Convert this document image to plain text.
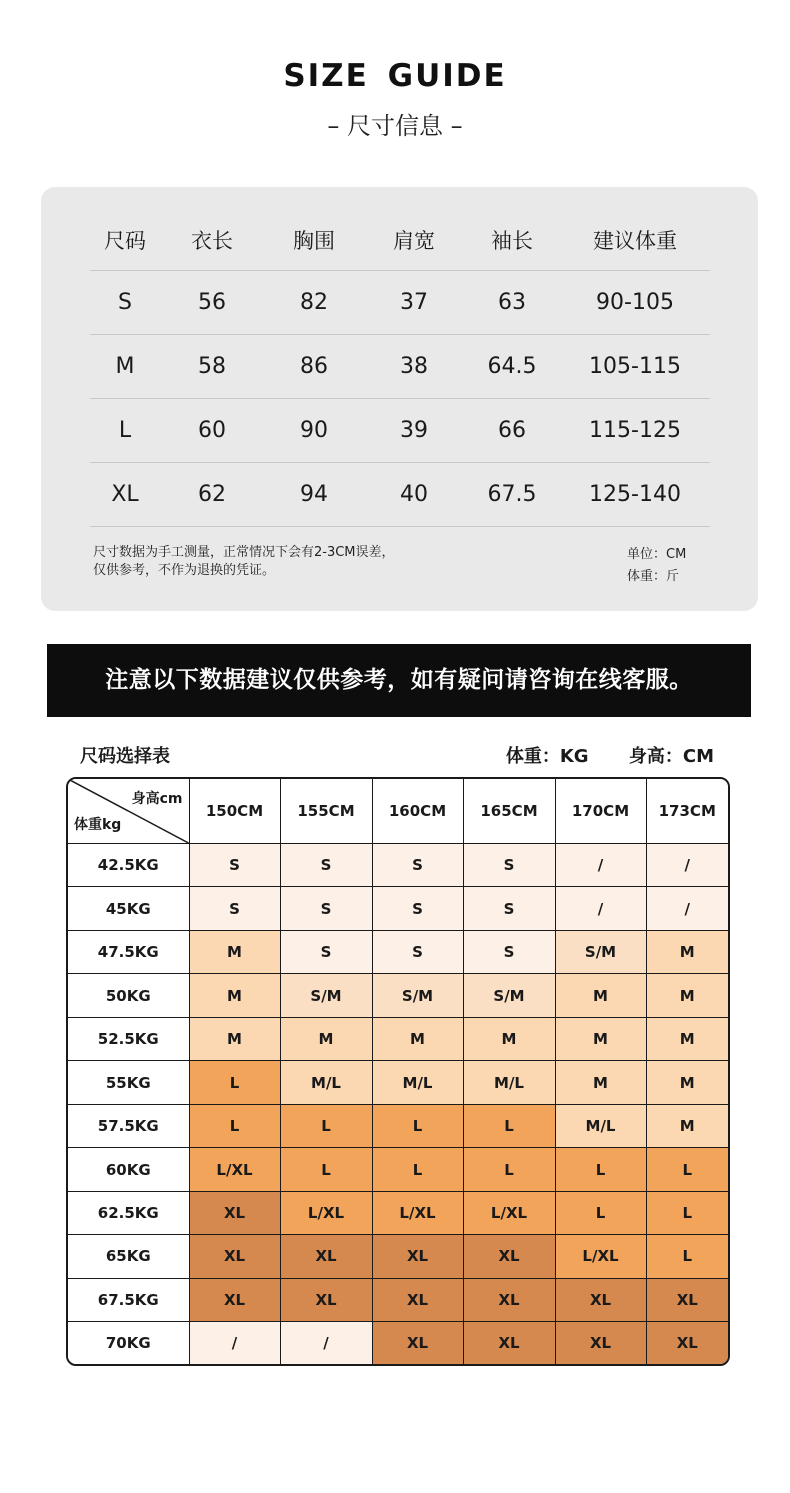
SIZE GUIDE
– 尺寸信息 –
尺码	衣长	胸围	肩宽	袖长	建议体重
S	56	82	37	63	90-105
M	58	86	38	64.5	105-115
L	60	90	39	66	115-125
XL	62	94	40	67.5	125-140
尺寸数据为手工测量，正常情况下会有2-3CM误差，
仅供参考，不作为退换的凭证。
单位：CM
体重：斤
注意以下数据建议仅供参考，如有疑问请咨询在线客服。
尺码选择表	体重：KG 身高：CM
身高cm
体重kg	150CM	155CM	160CM	165CM	170CM	173CM
42.5KG	S	S	S	S	/	/
45KG	S	S	S	S	/	/
47.5KG	M	S	S	S	S/M	M
50KG	M	S/M	S/M	S/M	M	M
52.5KG	M	M	M	M	M	M
55KG	L	M/L	M/L	M/L	M	M
57.5KG	L	L	L	L	M/L	M
60KG	L/XL	L	L	L	L	L
62.5KG	XL	L/XL	L/XL	L/XL	L	L
65KG	XL	XL	XL	XL	L/XL	L
67.5KG	XL	XL	XL	XL	XL	XL
70KG	/	/	XL	XL	XL	XL
